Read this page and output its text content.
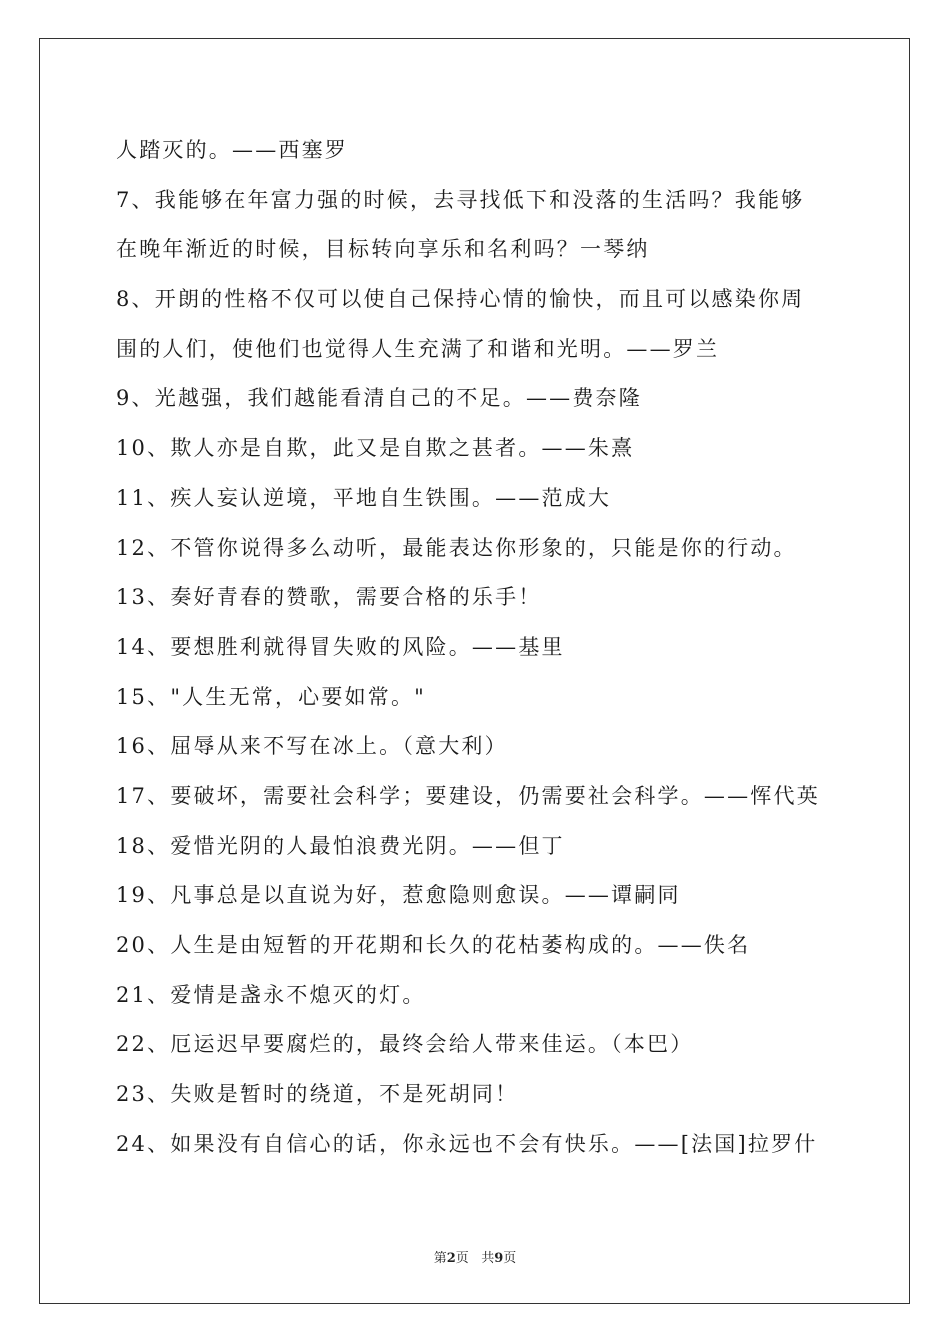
人踏灭的。——西塞罗
7、我能够在年富力强的时候，去寻找低下和没落的生活吗？我能够
在晚年渐近的时候，目标转向享乐和名利吗？一琴纳
8、开朗的性格不仅可以使自己保持心情的愉快，而且可以感染你周
围的人们，使他们也觉得人生充满了和谐和光明。——罗兰
9、光越强，我们越能看清自己的不足。——费奈隆
10、欺人亦是自欺，此又是自欺之甚者。——朱熹
11、疾人妄认逆境，平地自生铁围。——范成大
12、不管你说得多么动听，最能表达你形象的，只能是你的行动。
13、奏好青春的赞歌，需要合格的乐手！
14、要想胜利就得冒失败的风险。——基里
15、"人生无常，心要如常。"
16、屈辱从来不写在冰上。（意大利）
17、要破坏，需要社会科学；要建设，仍需要社会科学。——恽代英
18、爱惜光阴的人最怕浪费光阴。——但丁
19、凡事总是以直说为好，惹愈隐则愈误。——谭嗣同
20、人生是由短暂的开花期和长久的花枯萎构成的。——佚名
21、爱情是盏永不熄灭的灯。
22、厄运迟早要腐烂的，最终会给人带来佳运。（本巴）
23、失败是暂时的绕道，不是死胡同！
24、如果没有自信心的话，你永远也不会有快乐。——[法国]拉罗什
第2页 共9页
